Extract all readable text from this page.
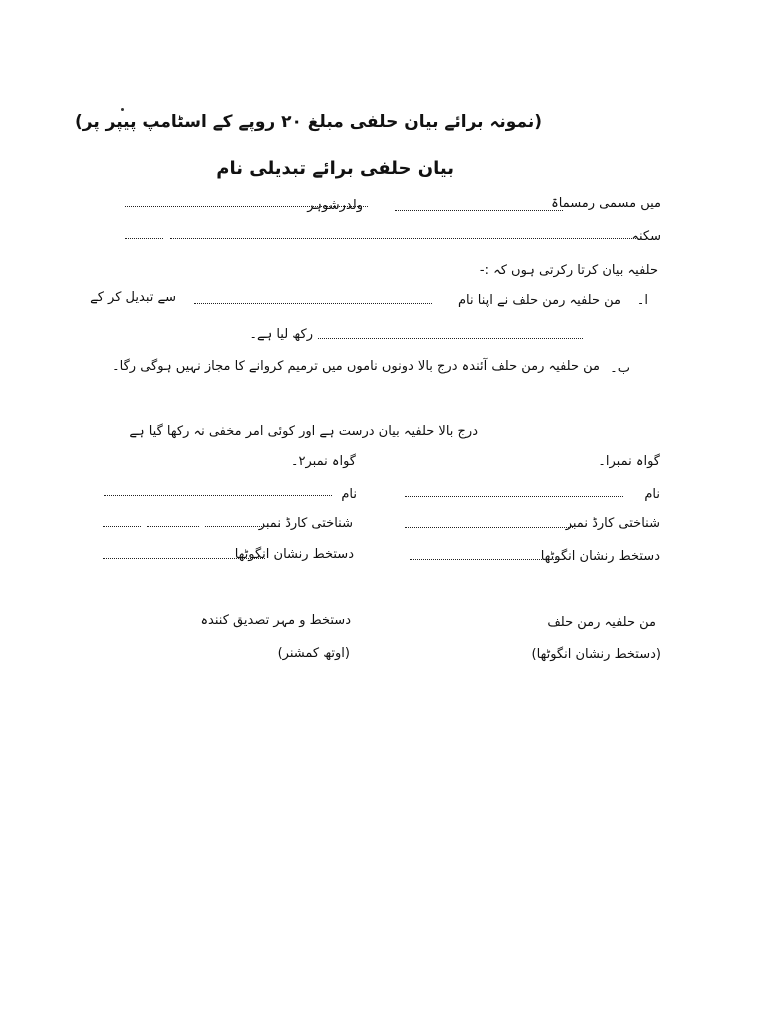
(نمونہ برائے بیان حلفی مبلغ ۲۰ روپے کے اسٹامپ پیپر پر)
بیان حلفی برائے تبدیلی نام
میں مسمی رمسماۃ
ولدرشوہر
سکنہ
حلفیہ بیان کرتا رکرتی ہوں کہ :-
ا۔
من حلفیہ رمن حلف نے اپنا نام
سے تبدیل کر کے
رکھ لیا ہے۔
ب۔
من حلفیہ رمن حلف آئندہ درج بالا دونوں ناموں میں ترمیم کروانے کا مجاز نہیں ہوگی رگا۔
درج بالا حلفیہ بیان درست ہے اور کوئی امر مخفی نہ رکھا گیا ہے
گواہ نمبرا۔
گواہ نمبر۲۔
نام
شناختی کارڈ نمبر
دستخط رنشان انگوٹھا
نام
شناختی کارڈ نمبر
دستخط رنشان انگوٹھا
من حلفیہ رمن حلف
(دستخط رنشان انگوٹھا)
دستخط و مہر تصدیق کنندہ
(اوتھ کمشنر)
